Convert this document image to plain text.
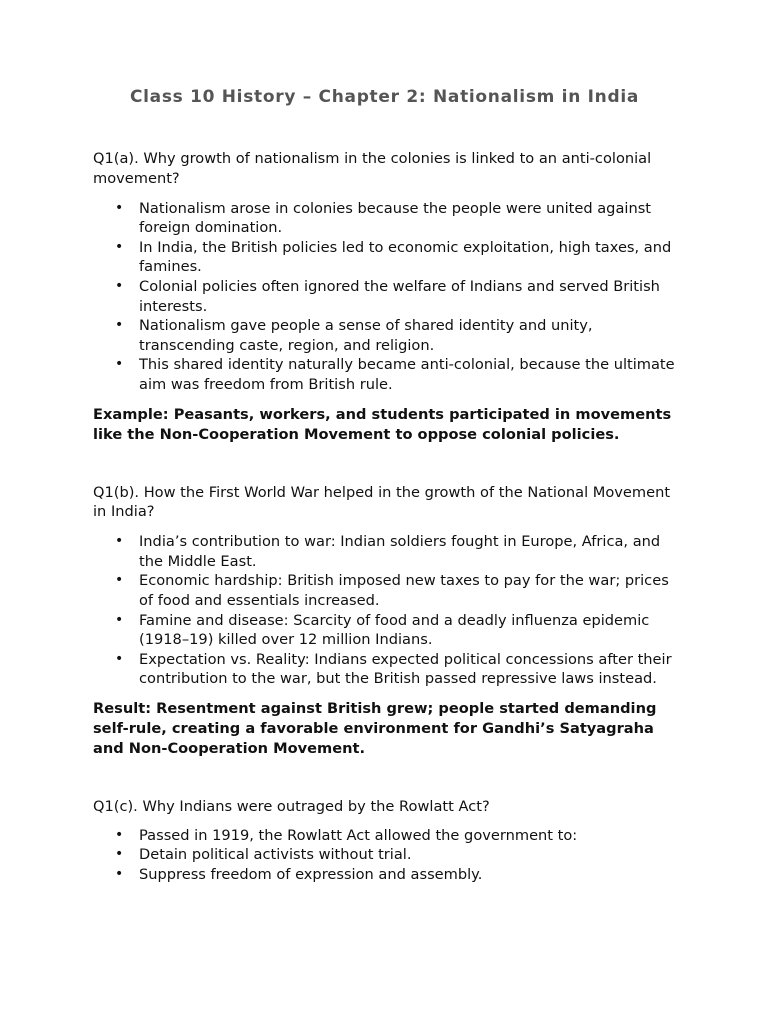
Class 10 History – Chapter 2: Nationalism in India

Q1(a). Why growth of nationalism in the colonies is linked to an anti-colonial movement?

• Nationalism arose in colonies because the people were united against foreign domination.
• In India, the British policies led to economic exploitation, high taxes, and famines.
• Colonial policies often ignored the welfare of Indians and served British interests.
• Nationalism gave people a sense of shared identity and unity, transcending caste, region, and religion.
• This shared identity naturally became anti-colonial, because the ultimate aim was freedom from British rule.

Example: Peasants, workers, and students participated in movements like the Non-Cooperation Movement to oppose colonial policies.

Q1(b). How the First World War helped in the growth of the National Movement in India?

• India’s contribution to war: Indian soldiers fought in Europe, Africa, and the Middle East.
• Economic hardship: British imposed new taxes to pay for the war; prices of food and essentials increased.
• Famine and disease: Scarcity of food and a deadly influenza epidemic (1918–19) killed over 12 million Indians.
• Expectation vs. Reality: Indians expected political concessions after their contribution to the war, but the British passed repressive laws instead.

Result: Resentment against British grew; people started demanding self-rule, creating a favorable environment for Gandhi’s Satyagraha and Non-Cooperation Movement.

Q1(c). Why Indians were outraged by the Rowlatt Act?

• Passed in 1919, the Rowlatt Act allowed the government to:
• Detain political activists without trial.
• Suppress freedom of expression and assembly.
